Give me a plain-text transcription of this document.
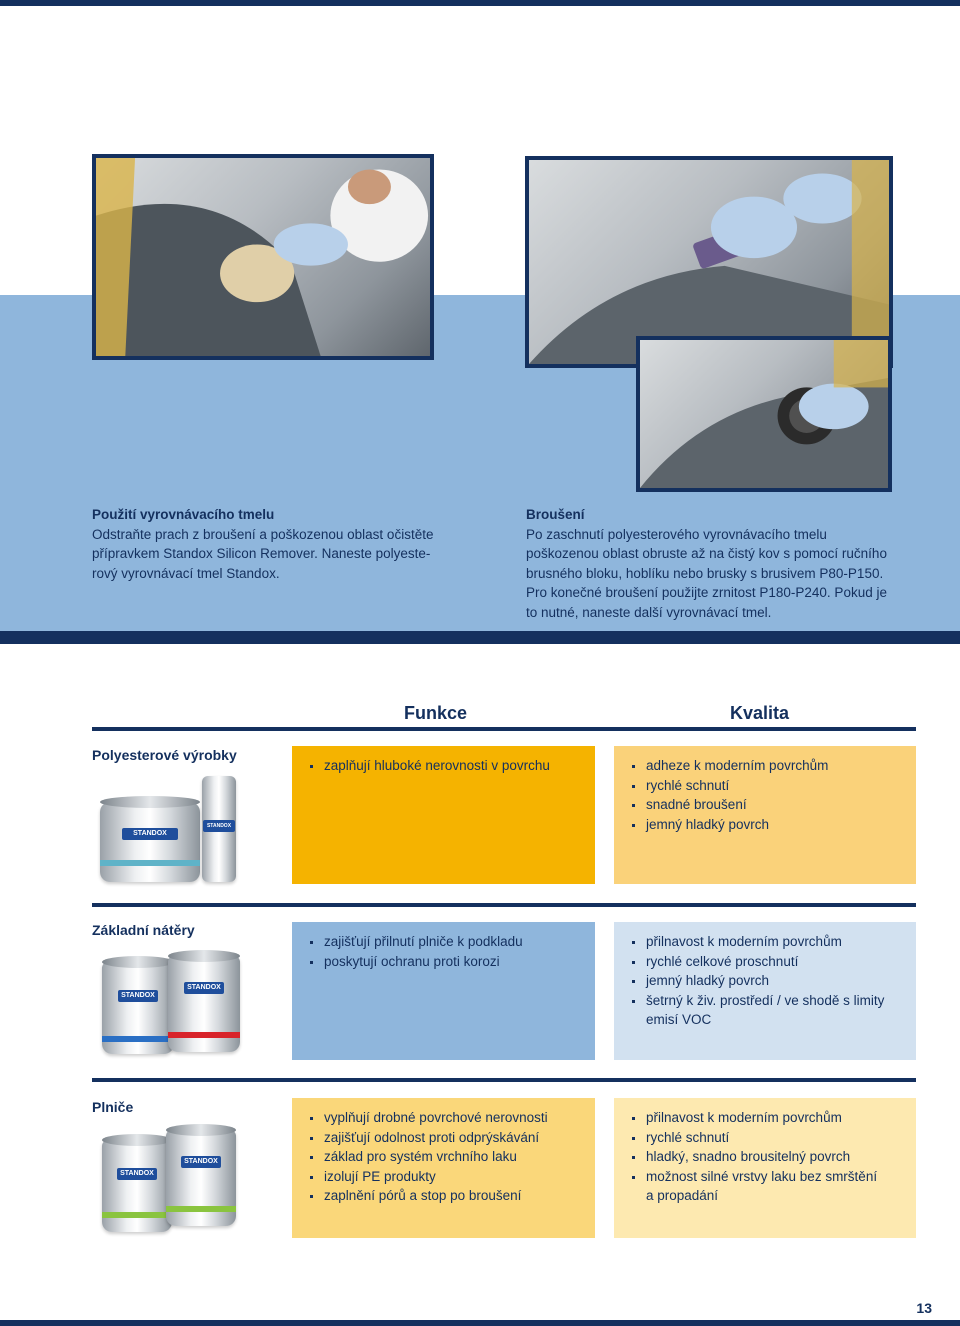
Použití vyrovnávacího tmelu
Odstraňte prach z broušení a poškozenou oblast očistěte
přípravkem Standox Silicon Remover. Naneste polyeste-
rový vyrovnávací tmel Standox.
Broušení
Po zaschnutí polyesterového vyrovnávacího tmelu
poškozenou oblast obruste až na čistý kov s pomocí ručního
brusného bloku, hoblíku nebo brusky s brusivem P80-P150.
Pro konečné broušení použijte zrnitost P180-P240. Pokud je
to nutné, naneste další vyrovnávací tmel.
Funkce	Kvalita
Polyesterové výrobky
STANDOX
STANDOX
zaplňují hluboké nerovnosti v povrchu	adheze k moderním povrchům
rychlé schnutí
snadné broušení
jemný hladký povrch
Základní nátěry
STANDOX
STANDOX
zajišťují přilnutí plniče k podkladu
poskytují ochranu proti korozi
přilnavost k moderním povrchům
rychlé celkové proschnutí
jemný hladký povrch
šetrný k živ. prostředí / ve shodě s limity
emisí VOC
Plniče
STANDOX
STANDOX
vyplňují drobné povrchové nerovnosti
zajišťují odolnost proti odprýskávání
základ pro systém vrchního laku
izolují PE produkty
zaplnění pórů a stop po broušení
přilnavost k moderním povrchům
rychlé schnutí
hladký, snadno brousitelný povrch
možnost silné vrstvy laku bez smrštění
a propadání
13
